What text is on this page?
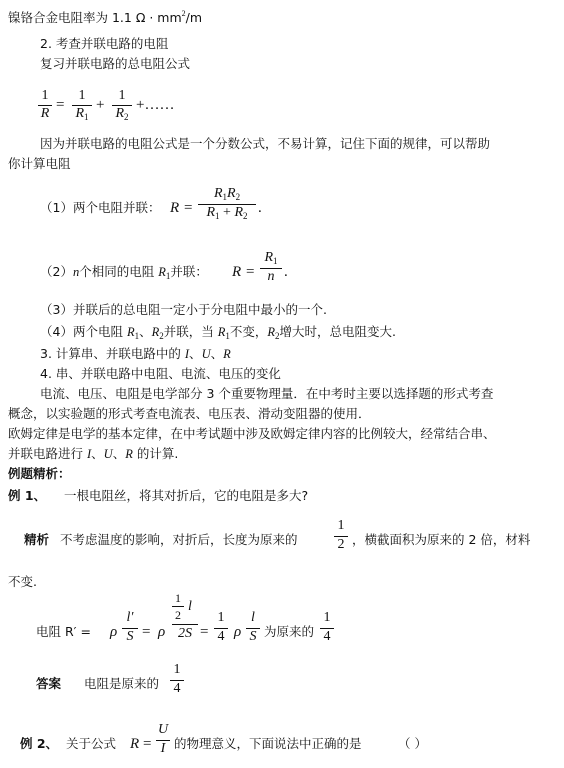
镍铬合金电阻率为 1.1 $\Omega \cdot mm^2/m$
2. 考查并联电路的电阻
复习并联电路的总电阻公式
1
R
=
1
$R_1$
+
1
$R_2$
+……
因为并联电路的电阻公式是一个分数公式，不易计算，记住下面的规律，可以帮助
你计算电阻
（1）两个电阻并联： R =
$R_1R_2$
$R_1 + R_2$ .
（2）n个相同的电阻 $R_1$并联： R =
$R_1$
n .
（3）并联后的总电阻一定小于分电阻中最小的一个.
（4）两个电阻 $R_1$、$R_2$并联，当 $R_1$不变，$R_2$增大时，总电阻变大.
3. 计算串、并联电路中的 I、U、R
4. 串、并联电路中电阻、电流、电压的变化
电流、电压、电阻是电学部分 3 个重要物理量．在中考时主要以选择题的形式考查
概念，以实验题的形式考查电流表、电压表、滑动变阻器的使用．
欧姆定律是电学的基本定律，在中考试题中涉及欧姆定律内容的比例较大，经常结合串、
并联电路进行 I、U、R 的计算.
例题精析：
例 1、 一根电阻丝，将其对折后，它的电阻是多大?
精析 不考虑温度的影响，对折后，长度为原来的
1
2 ，横截面积为原来的 2 倍，材料
不变.
电阻 R′ = ρ
l′
S = ρ
1
2
l
2S =
1
4 ρ
l
S 为原来的
1
4
答案 电阻是原来的
1
4
例 2、 关于公式 R =
U
I 的物理意义，下面说法中正确的是	（ ）
